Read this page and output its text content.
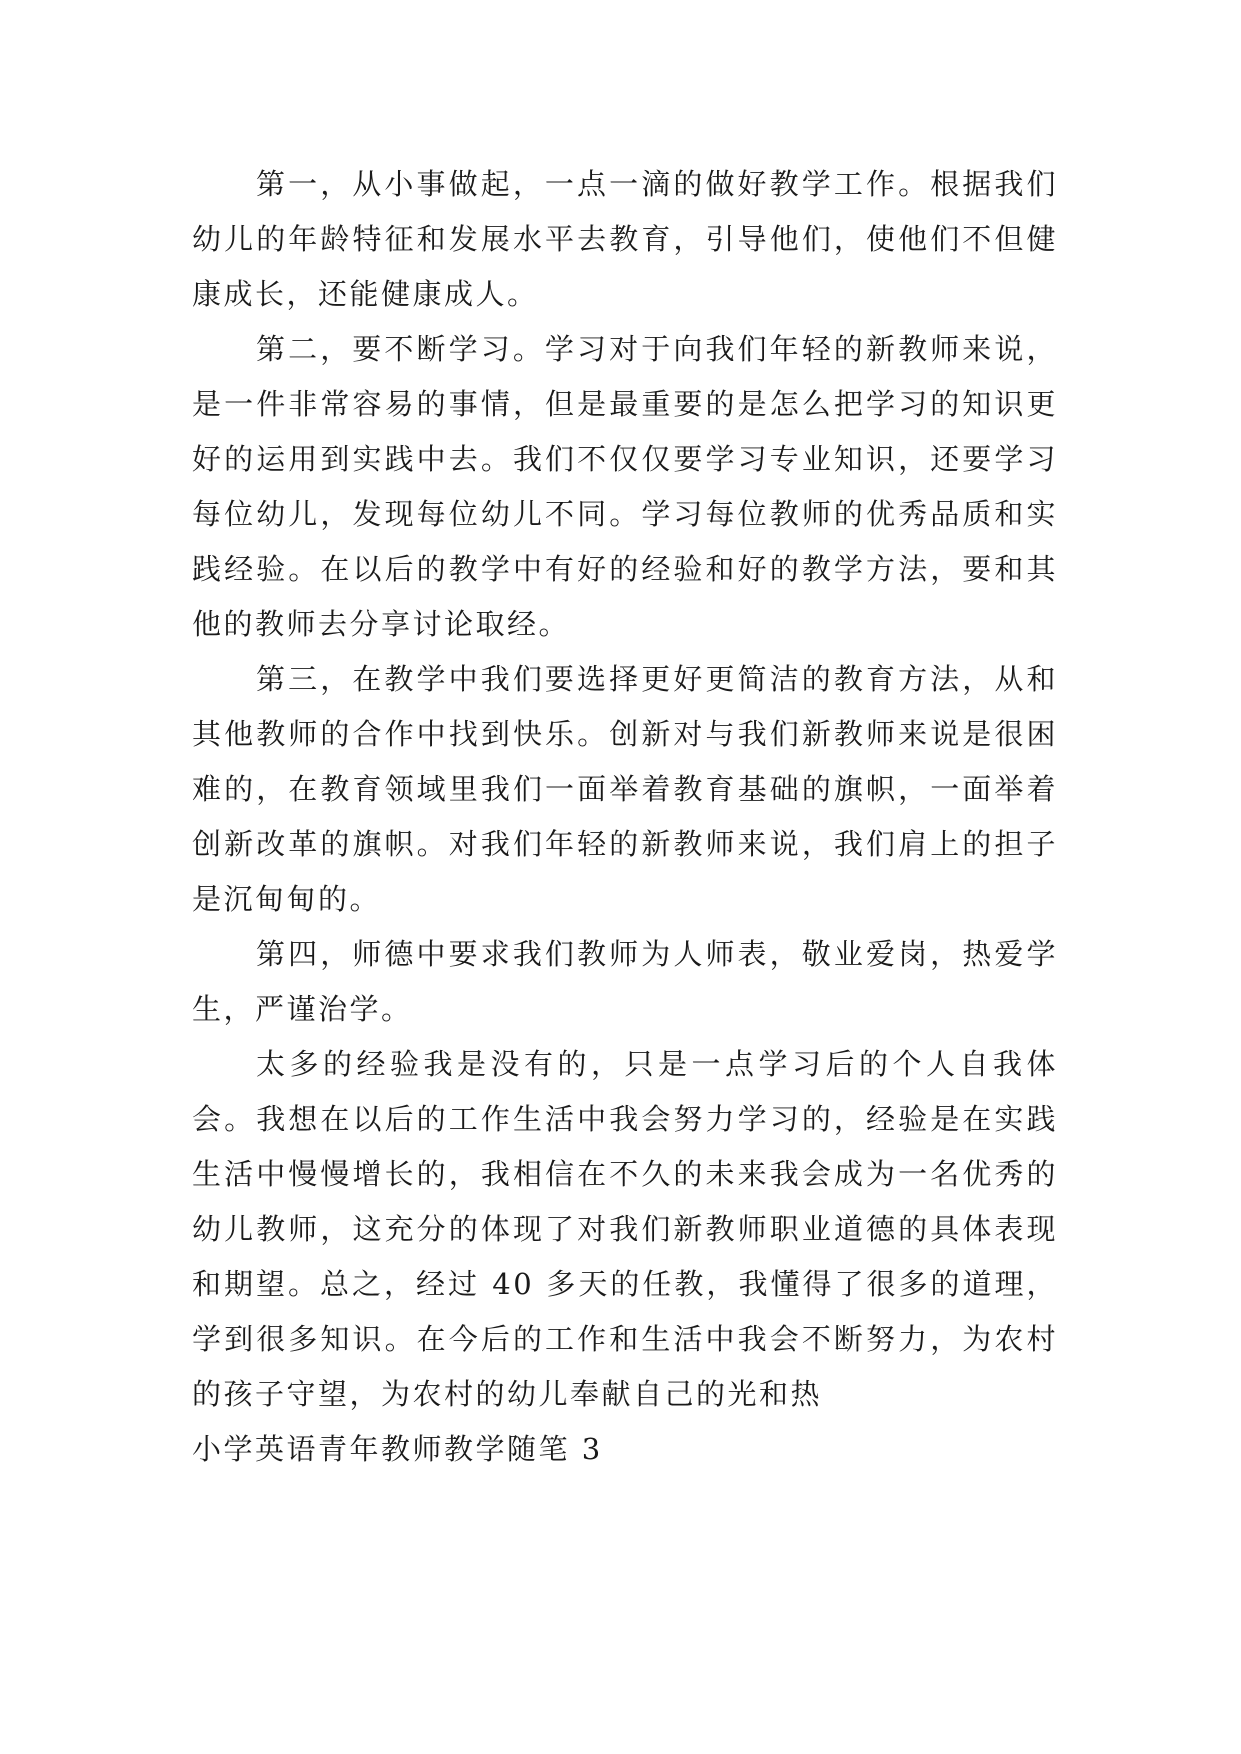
第一，从小事做起，一点一滴的做好教学工作。根据我们幼儿的年龄特征和发展水平去教育，引导他们，使他们不但健康成长，还能健康成人。

第二，要不断学习。学习对于向我们年轻的新教师来说，是一件非常容易的事情，但是最重要的是怎么把学习的知识更好的运用到实践中去。我们不仅仅要学习专业知识，还要学习每位幼儿，发现每位幼儿不同。学习每位教师的优秀品质和实践经验。在以后的教学中有好的经验和好的教学方法，要和其他的教师去分享讨论取经。

第三，在教学中我们要选择更好更简洁的教育方法，从和其他教师的合作中找到快乐。创新对与我们新教师来说是很困难的，在教育领域里我们一面举着教育基础的旗帜，一面举着创新改革的旗帜。对我们年轻的新教师来说，我们肩上的担子是沉甸甸的。

第四，师德中要求我们教师为人师表，敬业爱岗，热爱学生，严谨治学。

太多的经验我是没有的，只是一点学习后的个人自我体会。我想在以后的工作生活中我会努力学习的，经验是在实践生活中慢慢增长的，我相信在不久的未来我会成为一名优秀的幼儿教师，这充分的体现了对我们新教师职业道德的具体表现和期望。总之，经过 40 多天的任教，我懂得了很多的道理，学到很多知识。在今后的工作和生活中我会不断努力，为农村的孩子守望，为农村的幼儿奉献自己的光和热

小学英语青年教师教学随笔 3
